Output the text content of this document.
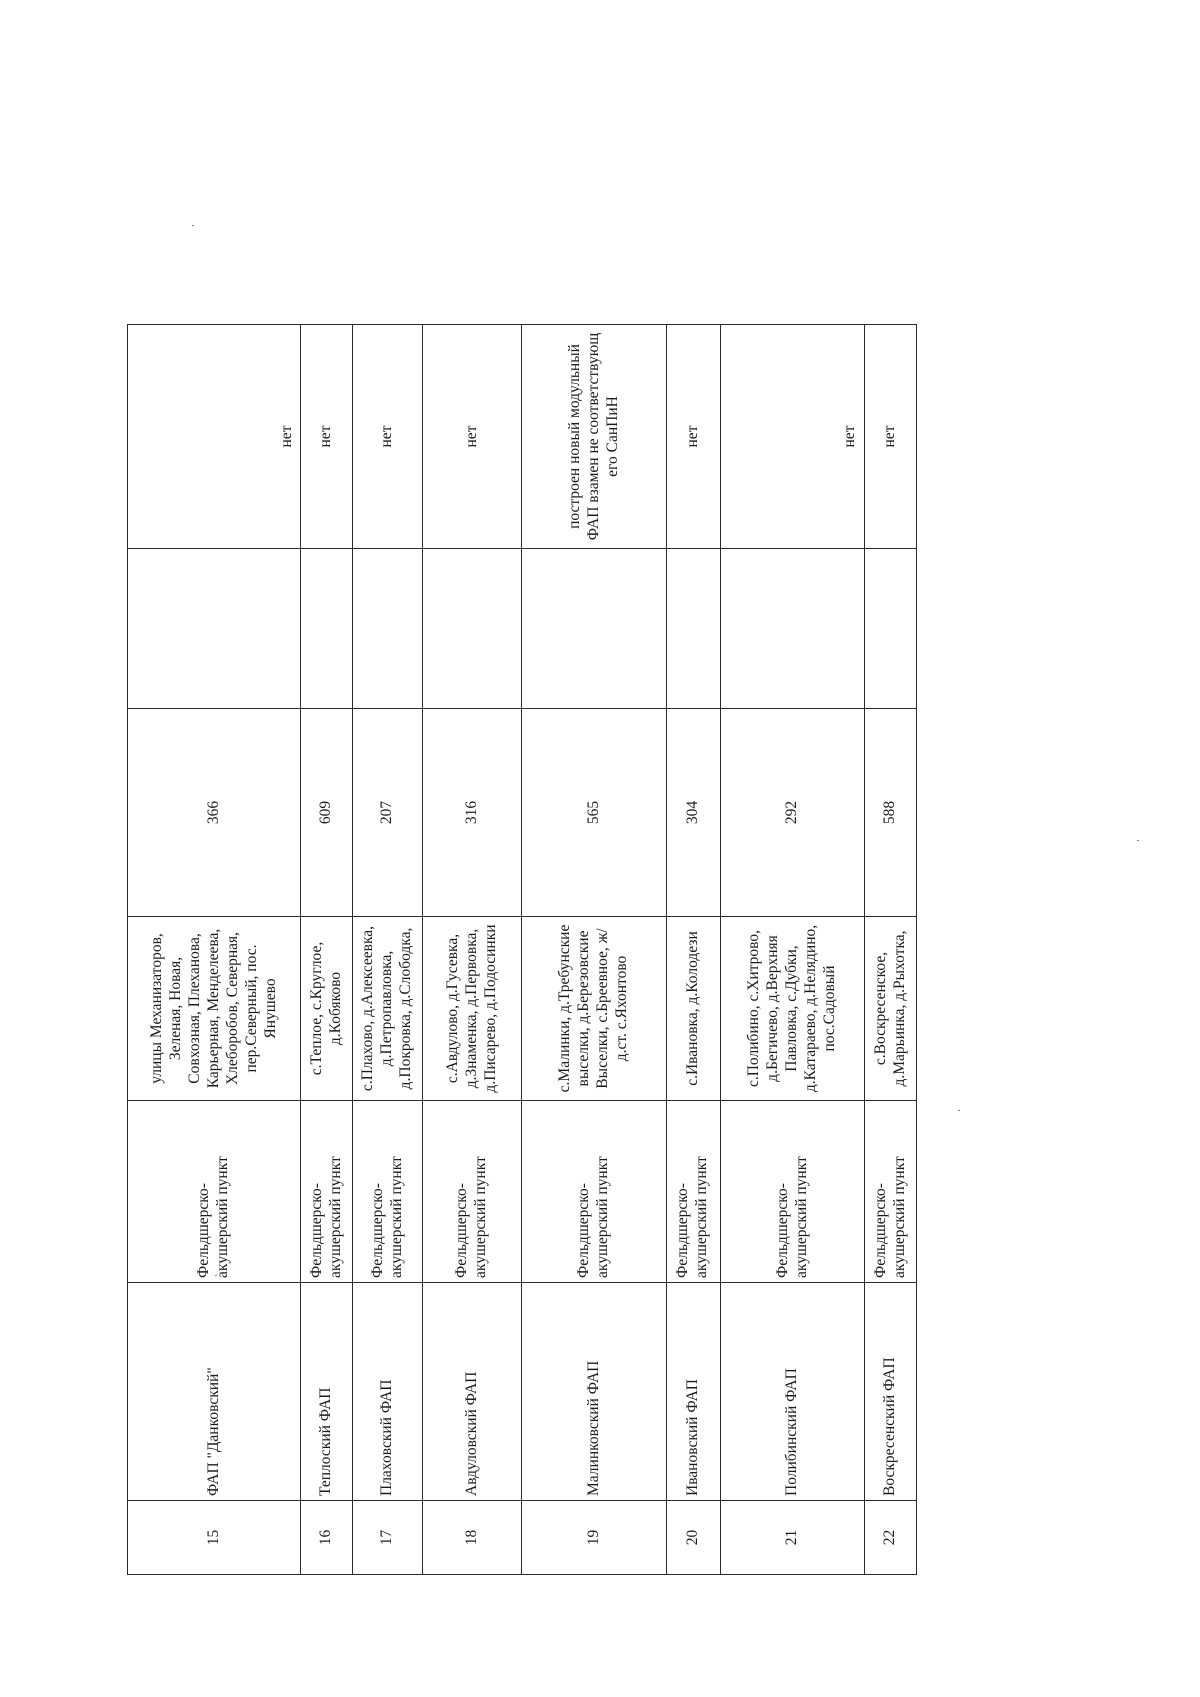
15	ФАП "Данковский"	Фельдшерско-акушерский пункт	улицы Механизаторов, Зеленая, Новая, Совхозная, Плеханова, Карьерная, Менделеева, Хлеборобов, Северная, пер.Северный, пос. Янушево	366		нет
16	Теплоский ФАП	Фельдшерско-акушерский пункт	с.Теплое, с.Круглое, д.Кобяково	609		нет
17	Плаховский ФАП	Фельдшерско-акушерский пункт	с.Плахово, д.Алексеевка, д.Петропавловка, д.Покровка, д.Слободка,	207		нет
18	Авдуловский ФАП	Фельдшерско-акушерский пункт	с.Авдулово, д.Гусевка, д.Знаменка, д.Первовка, д.Писарево, д.Подосинки	316		нет
19	Малинковский ФАП	Фельдшерско-акушерский пункт	с.Малинки, д.Требунские выселки, д.Березовские Выселки, с.Бреевное, ж/д.ст. с.Яхонтово	565		построен новый модульный ФАП взамен не соответствующ его СанПиН
20	Ивановский ФАП	Фельдшерско-акушерский пункт	с.Ивановка, д.Колодези	304		нет
21	Полибинский ФАП	Фельдшерско-акушерский пункт	с.Полибино, с.Хитрово, д.Бегичево, д.Верхняя Павловка, с.Дубки, д.Катараево, д.Нелядино, пос.Садовый	292		нет
22	Воскресенский ФАП	Фельдшерско-акушерский пункт	с.Воскресенское, д.Марьинка, д.Рыхотка,	588		нет
